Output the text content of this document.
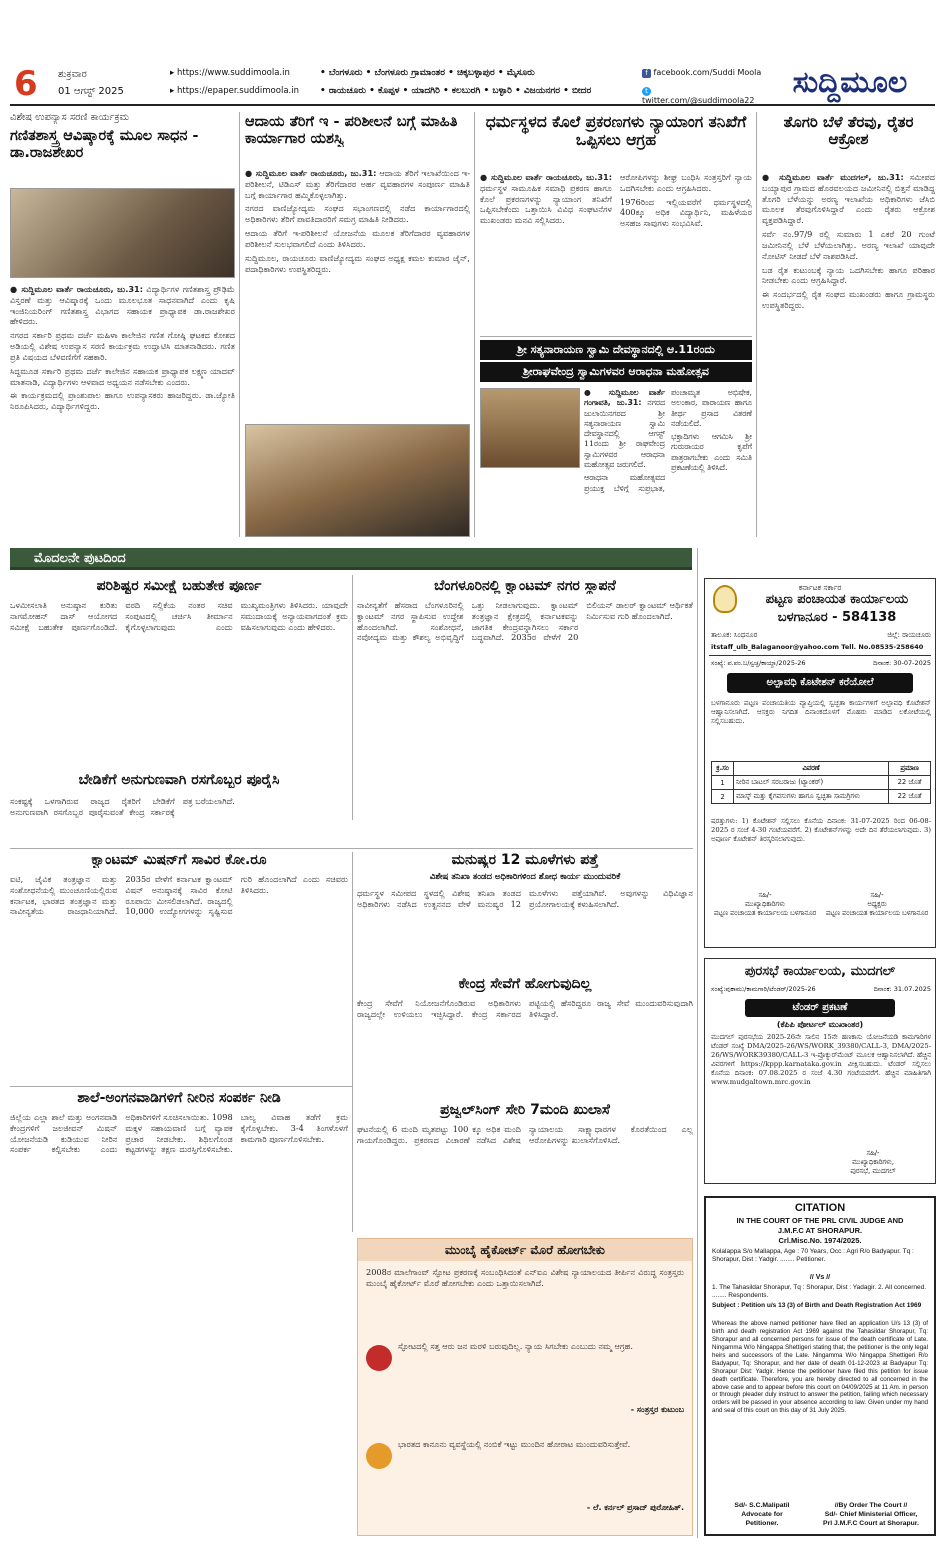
6	ಶುಕ್ರವಾರ
01 ಆಗಸ್ಟ್ 2025
▸ https://www.suddimoola.in
▸ https://epaper.suddimoola.in
• ಬೆಂಗಳೂರು • ಬೆಂಗಳೂರು ಗ್ರಾಮಾಂತರ • ಚಿಕ್ಕಬಳ್ಳಾಪುರ • ಮೈಸೂರು
• ರಾಯಚೂರು • ಕೊಪ್ಪಳ • ಯಾದಗಿರಿ • ಕಲಬುರಗಿ • ಬಳ್ಳಾರಿ • ವಿಜಯನಗರ • ಬೀದರ
f facebook.com/Suddi Moola
t twitter.com/@suddimoola22
ಸುದ್ದಿಮೂಲ
ವಿಶೇಷ ಉಪನ್ಯಾಸ ಸರಣಿ ಕಾರ್ಯಕ್ರಮ
ಗಣಿತಶಾಸ್ತ್ರ ಆವಿಷ್ಕಾರಕ್ಕೆ ಮೂಲ ಸಾಧನ - ಡಾ.ರಾಜಶೇಖರ

● ಸುದ್ದಿಮೂಲ ವಾರ್ತೆ ರಾಯಚೂರು, ಜು.31: ವಿದ್ಯಾರ್ಥಿಗಳ ಗಣಿತಶಾಸ್ತ್ರ ಪ್ರೌಢಿಮೆ ವಿಸ್ತರಣೆ ಮತ್ತು ಆವಿಷ್ಕಾರಕ್ಕೆ ಒಂದು ಮೂಲಭೂತ ಸಾಧನವಾಗಿದೆ ಎಂದು ಕೃಷಿ ಇಂಜಿನಿಯರಿಂಗ್ ಗಣಿತಶಾಸ್ತ್ರ ವಿಭಾಗದ ಸಹಾಯಕ ಪ್ರಾಧ್ಯಾಪಕ ಡಾ.ರಾಜಶೇಖರ ಹೇಳಿದರು.

ನಗರದ ಸರ್ಕಾರಿ ಪ್ರಥಮ ದರ್ಜೆ ಮಹಿಳಾ ಕಾಲೇಜಿನ ಗಣಿತ ಗೋಷ್ಠಿ ಘಟಕದ ಕೋಶದ ಅಡಿಯಲ್ಲಿ ವಿಶೇಷ ಉಪನ್ಯಾಸ ಸರಣಿ ಕಾರ್ಯಕ್ರಮ ಉದ್ಘಾಟಿಸಿ ಮಾತನಾಡಿದರು. ಗಣಿತ ಪ್ರತಿ ವಿಷಯದ ಬೆಳವಣಿಗೆಗೆ ಸಹಕಾರಿ.

ಸಿದ್ದಮೂಡ ಸರ್ಕಾರಿ ಪ್ರಥಮ ದರ್ಜೆ ಕಾಲೇಜಿನ ಸಹಾಯಕ ಪ್ರಾಧ್ಯಾಪಕ ಲಕ್ಷ್ಮಣ ಯಾದವ್ ಮಾತನಾಡಿ, ವಿದ್ಯಾರ್ಥಿಗಳು ಆಳವಾದ ಅಧ್ಯಯನ ನಡೆಸಬೇಕು ಎಂದರು.

ಈ ಕಾರ್ಯಕ್ರಮದಲ್ಲಿ ಪ್ರಾಂಶುಪಾಲ ಹಾಗೂ ಉಪನ್ಯಾಸಕರು ಹಾಜರಿದ್ದರು. ಡಾ.ಜ್ಯೋತಿ ನಿರೂಪಿಸಿದರು, ವಿದ್ಯಾರ್ಥಿಗಳಿದ್ದರು.

ಆದಾಯ ತೆರಿಗೆ ಇ - ಪರಿಶೀಲನೆ ಬಗ್ಗೆ ಮಾಹಿತಿ ಕಾರ್ಯಾಗಾರ ಯಶಸ್ವಿ

● ಸುದ್ದಿಮೂಲ ವಾರ್ತೆ ರಾಯಚೂರು, ಜು.31: ಆದಾಯ ತೆರಿಗೆ ಇಲಾಖೆಯಿಂದ ಇ-ಪರಿಶೀಲನೆ, ಟಿಡಿಎಸ್ ಮತ್ತು ತೆರಿಗೆದಾರರ ಅರ್ಹ ವ್ಯವಹಾರಗಳ ಸಂಪೂರ್ಣ ಮಾಹಿತಿ ಬಗ್ಗೆ ಕಾರ್ಯಾಗಾರ ಹಮ್ಮಿಕೊಳ್ಳಲಾಗಿತ್ತು.

ನಗರದ ವಾಣಿಜ್ಯೋದ್ಯಮ ಸಂಘದ ಸಭಾಂಗಣದಲ್ಲಿ ನಡೆದ ಕಾರ್ಯಾಗಾರದಲ್ಲಿ ಅಧಿಕಾರಿಗಳು ತೆರಿಗೆ ಪಾವತಿದಾರರಿಗೆ ಸಮಗ್ರ ಮಾಹಿತಿ ನೀಡಿದರು.

ಆದಾಯ ತೆರಿಗೆ ಇ-ಪರಿಶೀಲನೆ ಯೋಜನೆಯ ಮೂಲಕ ತೆರಿಗೆದಾರರ ವ್ಯವಹಾರಗಳ ಪರಿಶೀಲನೆ ಸುಲಭವಾಗಲಿದೆ ಎಂದು ತಿಳಿಸಿದರು.

ಸುದ್ದಿಮೂಲ, ರಾಯಚೂರು ವಾಣಿಜ್ಯೋದ್ಯಮ ಸಂಘದ ಅಧ್ಯಕ್ಷ ಕಮಲ ಕುಮಾರ ಜೈನ್, ಪದಾಧಿಕಾರಿಗಳು ಉಪಸ್ಥಿತರಿದ್ದರು.

ಧರ್ಮಸ್ಥಳದ ಕೊಲೆ ಪ್ರಕರಣಗಳು ನ್ಯಾಯಾಂಗ ತನಿಖೆಗೆ ಒಪ್ಪಿಸಲು ಆಗ್ರಹ

● ಸುದ್ದಿಮೂಲ ವಾರ್ತೆ ರಾಯಚೂರು, ಜು.31: ಧರ್ಮಸ್ಥಳ ಸಾಮೂಹಿಕ ಸಮಾಧಿ ಪ್ರಕರಣ ಹಾಗೂ ಕೊಲೆ ಪ್ರಕರಣಗಳನ್ನು ನ್ಯಾಯಾಂಗ ತನಿಖೆಗೆ ಒಪ್ಪಿಸಬೇಕೆಂದು ಒತ್ತಾಯಿಸಿ ವಿವಿಧ ಸಂಘಟನೆಗಳ ಮುಖಂಡರು ಮನವಿ ಸಲ್ಲಿಸಿದರು.

ಆರೋಪಿಗಳನ್ನು ಶೀಘ್ರ ಬಂಧಿಸಿ ಸಂತ್ರಸ್ತರಿಗೆ ನ್ಯಾಯ ಒದಗಿಸಬೇಕು ಎಂದು ಆಗ್ರಹಿಸಿದರು.

1976ರಿಂದ ಇಲ್ಲಿಯವರೆಗೆ ಧರ್ಮಸ್ಥಳದಲ್ಲಿ 400ಕ್ಕೂ ಅಧಿಕ ವಿದ್ಯಾರ್ಥಿನಿ, ಮಹಿಳೆಯರ ಅಸಹಜ ಸಾವುಗಳು ಸಂಭವಿಸಿವೆ.

ತೊಗರಿ ಬೆಳೆ ತೆರವು, ರೈತರ ಆಕ್ರೋಶ

● ಸುದ್ದಿಮೂಲ ವಾರ್ತೆ ಮುದಗಲ್, ಜು.31: ಸಮೀಪದ ಬಯ್ಯಾಪುರ ಗ್ರಾಮದ ಹೊರವಲಯದ ಜಮೀನಿನಲ್ಲಿ ಬಿತ್ತನೆ ಮಾಡಿದ್ದ ತೊಗರಿ ಬೆಳೆಯನ್ನು ಅರಣ್ಯ ಇಲಾಖೆಯ ಅಧಿಕಾರಿಗಳು ಜೆಸಿಬಿ ಮೂಲಕ ತೆರವುಗೊಳಿಸಿದ್ದಾರೆ ಎಂದು ರೈತರು ಆಕ್ರೋಶ ವ್ಯಕ್ತಪಡಿಸಿದ್ದಾರೆ.

ಸರ್ವೆ ನಂ.97/9 ರಲ್ಲಿ ಸುಮಾರು 1 ಎಕರೆ 20 ಗುಂಟೆ ಜಮೀನಿನಲ್ಲಿ ಬೆಳೆ ಬೆಳೆಯಲಾಗಿತ್ತು. ಅರಣ್ಯ ಇಲಾಖೆ ಯಾವುದೇ ನೋಟಿಸ್ ನೀಡದೆ ಬೆಳೆ ನಾಶಪಡಿಸಿದೆ.

ಬಡ ರೈತ ಕುಟುಂಬಕ್ಕೆ ನ್ಯಾಯ ಒದಗಿಸಬೇಕು ಹಾಗೂ ಪರಿಹಾರ ನೀಡಬೇಕು ಎಂದು ಆಗ್ರಹಿಸಿದ್ದಾರೆ.

ಈ ಸಂದರ್ಭದಲ್ಲಿ ರೈತ ಸಂಘದ ಮುಖಂಡರು ಹಾಗೂ ಗ್ರಾಮಸ್ಥರು ಉಪಸ್ಥಿತರಿದ್ದರು.

ಶ್ರೀ ಸತ್ಯನಾರಾಯಣ ಸ್ವಾಮಿ ದೇವಸ್ಥಾನದಲ್ಲಿ ಆ.11ರಂದು
ಶ್ರೀರಾಘವೇಂದ್ರ ಸ್ವಾಮಿಗಳವರ ಆರಾಧನಾ ಮಹೋತ್ಸವ

● ಸುದ್ದಿಮೂಲ ವಾರ್ತೆ ಗಂಗಾವತಿ, ಜು.31: ನಗರದ ಜುಲಾಯಿನಗರದ ಶ್ರೀ ಸತ್ಯನಾರಾಯಣ ಸ್ವಾಮಿ ದೇವಸ್ಥಾನದಲ್ಲಿ ಆಗಸ್ಟ್ 11ರಂದು ಶ್ರೀ ರಾಘವೇಂದ್ರ ಸ್ವಾಮಿಗಳವರ ಆರಾಧನಾ ಮಹೋತ್ಸವ ಜರುಗಲಿದೆ.

ಆರಾಧನಾ ಮಹೋತ್ಸವದ ಪ್ರಯುಕ್ತ ಬೆಳಿಗ್ಗೆ ಸುಪ್ರಭಾತ, ಪಂಚಾಮೃತ ಅಭಿಷೇಕ, ಅಲಂಕಾರ, ಪಾರಾಯಣ ಹಾಗೂ ತೀರ್ಥ ಪ್ರಸಾದ ವಿತರಣೆ ನಡೆಯಲಿದೆ.

ಭಕ್ತಾದಿಗಳು ಆಗಮಿಸಿ ಶ್ರೀ ಗುರುರಾಯರ ಕೃಪೆಗೆ ಪಾತ್ರರಾಗಬೇಕು ಎಂದು ಸಮಿತಿ ಪ್ರಕಟಣೆಯಲ್ಲಿ ತಿಳಿಸಿದೆ.

ಮೊದಲನೇ ಪುಟದಿಂದ
ಪರಿಶಿಷ್ಟರ ಸಮೀಕ್ಷೆ ಬಹುತೇಕ ಪೂರ್ಣ
ಒಳಮೀಸಲಾತಿ ಅನುಷ್ಠಾನ ಕುರಿತು ನಾಗಮೋಹನ್ ದಾಸ್ ಆಯೋಗದ ಸಮೀಕ್ಷೆ ಬಹುತೇಕ ಪೂರ್ಣಗೊಂಡಿದೆ. ವರದಿ ಸಲ್ಲಿಕೆಯ ನಂತರ ಸಚಿವ ಸಂಪುಟದಲ್ಲಿ ಚರ್ಚಿಸಿ ತೀರ್ಮಾನ ಕೈಗೊಳ್ಳಲಾಗುವುದು ಎಂದು ಮುಖ್ಯಮಂತ್ರಿಗಳು ತಿಳಿಸಿದರು. ಯಾವುದೇ ಸಮುದಾಯಕ್ಕೆ ಅನ್ಯಾಯವಾಗದಂತೆ ಕ್ರಮ ವಹಿಸಲಾಗುವುದು ಎಂದು ಹೇಳಿದರು.
ಬೇಡಿಕೆಗೆ ಅನುಗುಣವಾಗಿ ರಸಗೊಬ್ಬರ ಪೂರೈಸಿ
ಬೆಂಗಳೂರಿನಲ್ಲಿ ಕ್ವಾಂಟಮ್ ನಗರ ಸ್ಥಾಪನೆ
ನಾವೀನ್ಯತೆಗೆ ಹೆಸರಾದ ಬೆಂಗಳೂರಿನಲ್ಲಿ ಕ್ವಾಂಟಮ್ ನಗರ ಸ್ಥಾಪಿಸುವ ಉದ್ದೇಶ ಹೊಂದಲಾಗಿದೆ. ಸಂಶೋಧನೆ, ನವೋದ್ಯಮ ಮತ್ತು ಕೌಶಲ್ಯ ಅಭಿವೃದ್ಧಿಗೆ ಒತ್ತು ನೀಡಲಾಗುವುದು. ಕ್ವಾಂಟಮ್ ತಂತ್ರಜ್ಞಾನ ಕ್ಷೇತ್ರದಲ್ಲಿ ಕರ್ನಾಟಕವನ್ನು ಜಾಗತಿಕ ಕೇಂದ್ರವನ್ನಾಗಿಸಲು ಸರ್ಕಾರ ಬದ್ಧವಾಗಿದೆ. 2035ರ ವೇಳೆಗೆ 20 ಬಿಲಿಯನ್ ಡಾಲರ್ ಕ್ವಾಂಟಮ್ ಆರ್ಥಿಕತೆ ನಿರ್ಮಿಸುವ ಗುರಿ ಹೊಂದಲಾಗಿದೆ.
ಸಂಕಷ್ಟಕ್ಕೆ ಒಳಗಾಗಿರುವ ರಾಜ್ಯದ ರೈತರಿಗೆ ಬೇಡಿಕೆಗೆ ಅನುಗುಣವಾಗಿ ರಸಗೊಬ್ಬರ ಪೂರೈಸುವಂತೆ ಕೇಂದ್ರ ಸರ್ಕಾರಕ್ಕೆ ಪತ್ರ ಬರೆಯಲಾಗಿದೆ.
ಕ್ವಾಂಟಮ್ ಮಿಷನ್‌ಗೆ ಸಾವಿರ ಕೋ.ರೂ
ಐಟಿ, ಜೈವಿಕ ತಂತ್ರಜ್ಞಾನ ಮತ್ತು ಸಂಶೋಧನೆಯಲ್ಲಿ ಮುಂಚೂಣಿಯಲ್ಲಿರುವ ಕರ್ನಾಟಕ, ಭಾರತದ ತಂತ್ರಜ್ಞಾನ ಮತ್ತು ನಾವೀನ್ಯತೆಯ ರಾಜಧಾನಿಯಾಗಿದೆ. 2035ರ ವೇಳೆಗೆ ಕರ್ನಾಟಕ ಕ್ವಾಂಟಮ್ ವಿಷನ್ ಅನುಷ್ಠಾನಕ್ಕೆ ಸಾವಿರ ಕೋಟಿ ರೂಪಾಯಿ ಮೀಸಲಿಡಲಾಗಿದೆ. ರಾಜ್ಯದಲ್ಲಿ 10,000 ಉದ್ಯೋಗಗಳನ್ನು ಸೃಷ್ಟಿಸುವ ಗುರಿ ಹೊಂದಲಾಗಿದೆ ಎಂದು ಸಚಿವರು ತಿಳಿಸಿದರು.
ಮನುಷ್ಯರ 12 ಮೂಳೆಗಳು ಪತ್ತೆ
ವಿಶೇಷ ತನಿಖಾ ತಂಡದ ಅಧಿಕಾರಿಗಳಿಂದ ಶೋಧ ಕಾರ್ಯ ಮುಂದುವರಿಕೆ
ಧರ್ಮಸ್ಥಳ ಸಮೀಪದ ಸ್ಥಳದಲ್ಲಿ ವಿಶೇಷ ತನಿಖಾ ತಂಡದ ಅಧಿಕಾರಿಗಳು ನಡೆಸಿದ ಉತ್ಖನನದ ವೇಳೆ ಮನುಷ್ಯರ 12 ಮೂಳೆಗಳು ಪತ್ತೆಯಾಗಿವೆ. ಅವುಗಳನ್ನು ವಿಧಿವಿಜ್ಞಾನ ಪ್ರಯೋಗಾಲಯಕ್ಕೆ ಕಳುಹಿಸಲಾಗಿದೆ.
ಕೇಂದ್ರ ಸೇವೆಗೆ ಹೋಗುವುದಿಲ್ಲ
ಕೇಂದ್ರ ಸೇವೆಗೆ ನಿಯೋಜನೆಗೊಂಡಿರುವ ಅಧಿಕಾರಿಗಳು ರಾಜ್ಯದಲ್ಲೇ ಉಳಿಯಲು ಇಚ್ಛಿಸಿದ್ದಾರೆ. ಕೇಂದ್ರ ಸರ್ಕಾರದ ಪಟ್ಟಿಯಲ್ಲಿ ಹೆಸರಿದ್ದರೂ ರಾಜ್ಯ ಸೇವೆ ಮುಂದುವರಿಸುವುದಾಗಿ ತಿಳಿಸಿದ್ದಾರೆ.
ಪ್ರಜ್ವಲ್‌ಸಿಂಗ್ ಸೇರಿ 7ಮಂದಿ ಖುಲಾಸೆ
ಘಟನೆಯಲ್ಲಿ 6 ಮಂದಿ ಮೃತಪಟ್ಟು 100 ಕ್ಕೂ ಅಧಿಕ ಮಂದಿ ಗಾಯಗೊಂಡಿದ್ದರು. ಪ್ರಕರಣದ ವಿಚಾರಣೆ ನಡೆಸಿದ ವಿಶೇಷ ನ್ಯಾಯಾಲಯ ಸಾಕ್ಷ್ಯಾಧಾರಗಳ ಕೊರತೆಯಿಂದ ಎಲ್ಲ ಆರೋಪಿಗಳನ್ನು ಖುಲಾಸೆಗೊಳಿಸಿದೆ.
ಶಾಲೆ-ಅಂಗನವಾಡಿಗಳಿಗೆ ನೀರಿನ ಸಂಪರ್ಕ ನೀಡಿ
ಜಿಲ್ಲೆಯ ಎಲ್ಲಾ ಶಾಲೆ ಮತ್ತು ಅಂಗನವಾಡಿ ಕೇಂದ್ರಗಳಿಗೆ ಜಲಜೀವನ್ ಮಿಷನ್ ಯೋಜನೆಯಡಿ ಕುಡಿಯುವ ನೀರಿನ ಸಂಪರ್ಕ ಕಲ್ಪಿಸಬೇಕು ಎಂದು ಅಧಿಕಾರಿಗಳಿಗೆ ಸೂಚಿಸಲಾಯಿತು. 1098 ಮಕ್ಕಳ ಸಹಾಯವಾಣಿ ಬಗ್ಗೆ ವ್ಯಾಪಕ ಪ್ರಚಾರ ನೀಡಬೇಕು. ಶಿಥಿಲಗೊಂಡ ಕಟ್ಟಡಗಳನ್ನು ತಕ್ಷಣ ದುರಸ್ತಿಗೊಳಿಸಬೇಕು. ಬಾಲ್ಯ ವಿವಾಹ ತಡೆಗೆ ಕ್ರಮ ಕೈಗೊಳ್ಳಬೇಕು. 3-4 ತಿಂಗಳೊಳಗೆ ಕಾಮಗಾರಿ ಪೂರ್ಣಗೊಳಿಸಬೇಕು.
ಮುಂಬೈ ಹೈಕೋರ್ಟ್ ಮೊರೆ ಹೋಗಬೇಕು
2008ರ ಮಾಲೆಗಾಂವ್ ಸ್ಫೋಟ ಪ್ರಕರಣಕ್ಕೆ ಸಂಬಂಧಿಸಿದಂತೆ ಎನ್‌ಐಎ ವಿಶೇಷ ನ್ಯಾಯಾಲಯದ ತೀರ್ಪಿನ ವಿರುದ್ಧ ಸಂತ್ರಸ್ತರು ಮುಂಬೈ ಹೈಕೋರ್ಟ್ ಮೊರೆ ಹೋಗಬೇಕು ಎಂದು ಒತ್ತಾಯಿಸಲಾಗಿದೆ.
ಸ್ಫೋಟದಲ್ಲಿ ಸತ್ತ ಆರು ಜನ ಮರಳಿ ಬರುವುದಿಲ್ಲ. ನ್ಯಾಯ ಸಿಗಬೇಕು ಎಂಬುದು ನಮ್ಮ ಆಗ್ರಹ.
- ಸಂತ್ರಸ್ತರ ಕುಟುಂಬ
ಭಾರತದ ಕಾನೂನು ವ್ಯವಸ್ಥೆಯಲ್ಲಿ ನಂಬಿಕೆ ಇಟ್ಟು ಮುಂದಿನ ಹೋರಾಟ ಮುಂದುವರಿಸುತ್ತೇವೆ.
- ಲೆ. ಕರ್ನಲ್ ಪ್ರಸಾದ್ ಪುರೋಹಿತ್.
ಕರ್ನಾಟಕ ಸರ್ಕಾರ
ಪಟ್ಟಣ ಪಂಚಾಯತ ಕಾರ್ಯಾಲಯ
ಬಳಗಾನೂರ - 584138
ತಾಲೂಕ: ಸಿಂಧನೂರ	ಜಿಲ್ಲೆ: ರಾಯಚೂರು
itstaff_ulb_Balaganoor@yahoo.com Tell. No.08535-258640
ಸಂಖ್ಯೆ: ಪ.ಪಂ.ಬ/ಸ್ವಚ್ಛ/ಕಾಯ್ದಾ/2025-26	ದಿನಾಂಕ: 30-07-2025
ಅಲ್ಪಾವಧಿ ಕೊಟೇಶನ್ ಕರೆಯೋಲೆ
ಬಳಗಾನೂರು ಪಟ್ಟಣ ಪಂಚಾಯತಿಯ ವ್ಯಾಪ್ತಿಯಲ್ಲಿ ಸ್ವಚ್ಛತಾ ಕಾರ್ಯಗಳಿಗೆ ಅಲ್ಪಾವಧಿ ಕೊಟೇಶನ್ ಆಹ್ವಾನಿಸಲಾಗಿದೆ. ಆಸಕ್ತರು ನಿಗದಿತ ದಿನಾಂಕದೊಳಗೆ ಮೊಹರು ಮಾಡಿದ ಲಕೋಟೆಯಲ್ಲಿ ಸಲ್ಲಿಸಬಹುದು.
ಕ್ರ.ಸಂ	ವಿವರಣೆ	ಪ್ರಮಾಣ
1	ನೀರಿನ ಬಾಟಲ್ ಸರಬರಾಜು (ಟ್ಯಾಂಕರ್)	22 ಜೊತೆ
2	ಮಾಸ್ಕ್ ಮತ್ತು ಕೈಗವಸುಗಳು ಹಾಗೂ ಸ್ವಚ್ಛತಾ ಸಾಮಗ್ರಿಗಳು	22 ಜೊತೆ
ಷರತ್ತುಗಳು: 1) ಕೊಟೇಶನ್ ಸಲ್ಲಿಸಲು ಕೊನೆಯ ದಿನಾಂಕ: 31-07-2025 ರಿಂದ 06-08-2025 ರ ಸಂಜೆ 4-30 ಗಂಟೆಯವರೆಗೆ. 2) ಕೊಟೇಶನ್‌ಗಳನ್ನು ಅದೇ ದಿನ ತೆರೆಯಲಾಗುವುದು. 3) ಅಪೂರ್ಣ ಕೊಟೇಶನ್ ತಿರಸ್ಕರಿಸಲಾಗುವುದು.
ಸಹಿ/-
ಮುಖ್ಯಾಧಿಕಾರಿಗಳು
ಪಟ್ಟಣ ಪಂಚಾಯತ ಕಾರ್ಯಾಲಯ ಬಳಗಾನೂರ
ಸಹಿ/-
ಅಧ್ಯಕ್ಷರು
ಪಟ್ಟಣ ಪಂಚಾಯತ ಕಾರ್ಯಾಲಯ ಬಳಗಾನೂರ
ಪುರಸಭೆ ಕಾರ್ಯಾಲಯ, ಮುದಗಲ್
ಸಂಖ್ಯೆ:ಪುಕಾಮು/ಕಾಮಗಾರಿ/ಟೆಂಡರ್/2025-26	ದಿನಾಂಕ: 31.07.2025
ಟೆಂಡರ್ ಪ್ರಕಟಣೆ
(ಕೆಪಿಪಿ ಪೋರ್ಟಲ್ ಮುಖಾಂತರ)
ಮುದಗಲ್ ಪುರಸಭೆಯ 2025-26ನೇ ಸಾಲಿನ 15ನೇ ಹಣಕಾಸು ಯೋಜನೆಯಡಿ ಕಾಮಗಾರಿಗಳ ಟೆಂಡರ್ ಸಂಖ್ಯೆ DMA/2025-26/WS/WORK_39380/CALL-3, DMA/2025-26/WS/WORK39380/CALL-3 ಇ-ಪ್ರೊಕ್ಯುರ್‌ಮೆಂಟ್ ಮೂಲಕ ಆಹ್ವಾನಿಸಲಾಗಿದೆ. ಹೆಚ್ಚಿನ ವಿವರಗಳಿಗೆ https://kppp.karnataka.gov.in ವೀಕ್ಷಿಸಬಹುದು. ಟೆಂಡರ್ ಸಲ್ಲಿಸಲು ಕೊನೆಯ ದಿನಾಂಕ: 07.08.2025 ರ ಸಂಜೆ 4.30 ಗಂಟೆಯವರೆಗೆ. ಹೆಚ್ಚಿನ ಮಾಹಿತಿಗಾಗಿ www.mudgaltown.mrc.gov.in
ಸಹಿ/-
ಮುಖ್ಯಾಧಿಕಾರಿಗಳು,
ಪುರಸಭೆ, ಮುದಗಲ್
CITATION
IN THE COURT OF THE PRL CIVIL JUDGE AND
J.M.F.C AT SHORAPUR.
Crl.Misc.No. 1974/2025.
Kolalappa S/o Mallappa, Age : 70 Years, Occ : Agri R/o Badyapur. Tq : Shorapur, Dist : Yadgir. ........ Petitioner.
// Vs //
1. The Tahasildar Shorapur, Tq : Shorapur, Dist : Yadagir. 2. All concerned. ........ Respondents.
Subject : Petition u/s 13 (3) of Birth and Death Registration Act 1969
Whereas the above named petitioner have filed an application U/s 13 (3) of birth and death registration Act 1969 against the Tahasildar Shorapur, Tq: Shorapur and all concerned persons for issue of the death certificate of Late. Ningamma W/o Ningappa Shettigeri stating that, the petitioner is the only legal heirs and successors of the Late. Ningamma W/o Ningappa Shettigeri R/o Badyapur, Tq: Shorapur, and her date of death 01-12-2023 at Badyapur Tq: Shorapur Dist: Yadgir. Hence the petitioner have filed this petition for issue death certificate. Therefore, you are hereby directed to all concerned in the above case and to appear before this court on 04/09/2025 at 11 Am. in person or through pleader duly instruct to answer the petition, failing which necessary orders will be passed in your absence according to law. Given under my hand and seal of this court on this day of 31 July 2025.
Sd/- S.C.Malipatil
Advocate for
Petitioner.
//By Order The Court //
Sd/- Chief Ministerial Officer,
Prl J.M.F.C Court at Shorapur.
